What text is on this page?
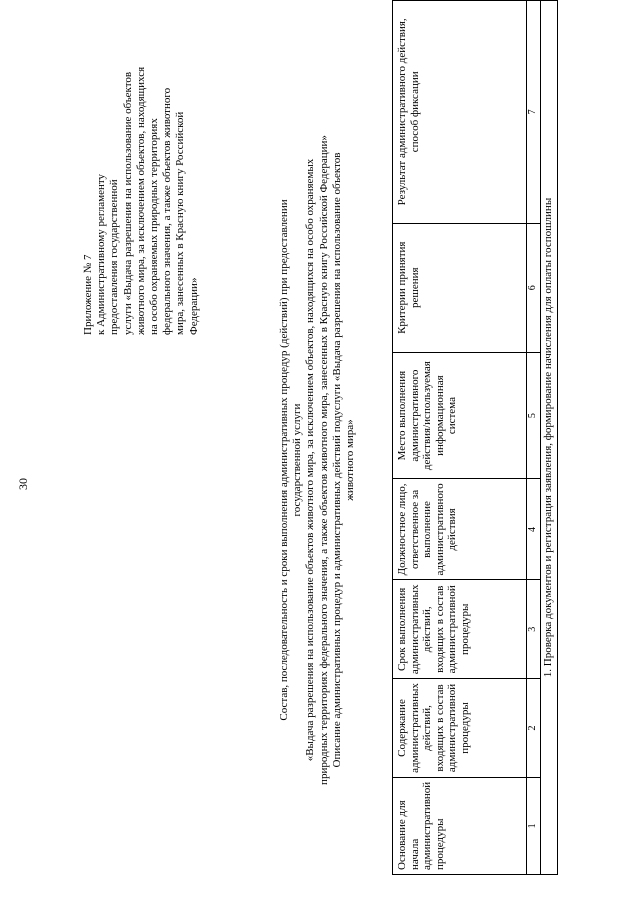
30
Приложение № 7 к Административному регламенту предоставления государственной услуги «Выдача разрешения на использование объектов животного мира, за исключением объектов, находящихся на особо охраняемых природных территориях федерального значения, а также объектов животного мира, занесенных в Красную книгу Российской Федерации»	Состав, последовательность и сроки выполнения административных процедур (действий) при предоставлении государственной услуги «Выдача разрешения на использование объектов животного мира, за исключением объектов, находящихся на особо охраняемых природных территориях федерального значения, а также объектов животного мира, занесенных в Красную книгу Российской Федерации» Описание административных процедур и административных действий подуслуги «Выдача разрешения на использование объектов животного мира»
Основание для начала административной процедуры	Содержание административных действий, входящих в состав административной процедуры	Срок выполнения административных действий, входящих в состав административной процедуры	Должностное лицо, ответственное за выполнение административного действия	Место выполнения административного действия/используемая информационная система	Критерии принятия решения	Результат административного действия, способ фиксации
1	2	3	4	5	6	7
1. Проверка документов и регистрация заявления, формирование начисления для оплаты госпошлины						
